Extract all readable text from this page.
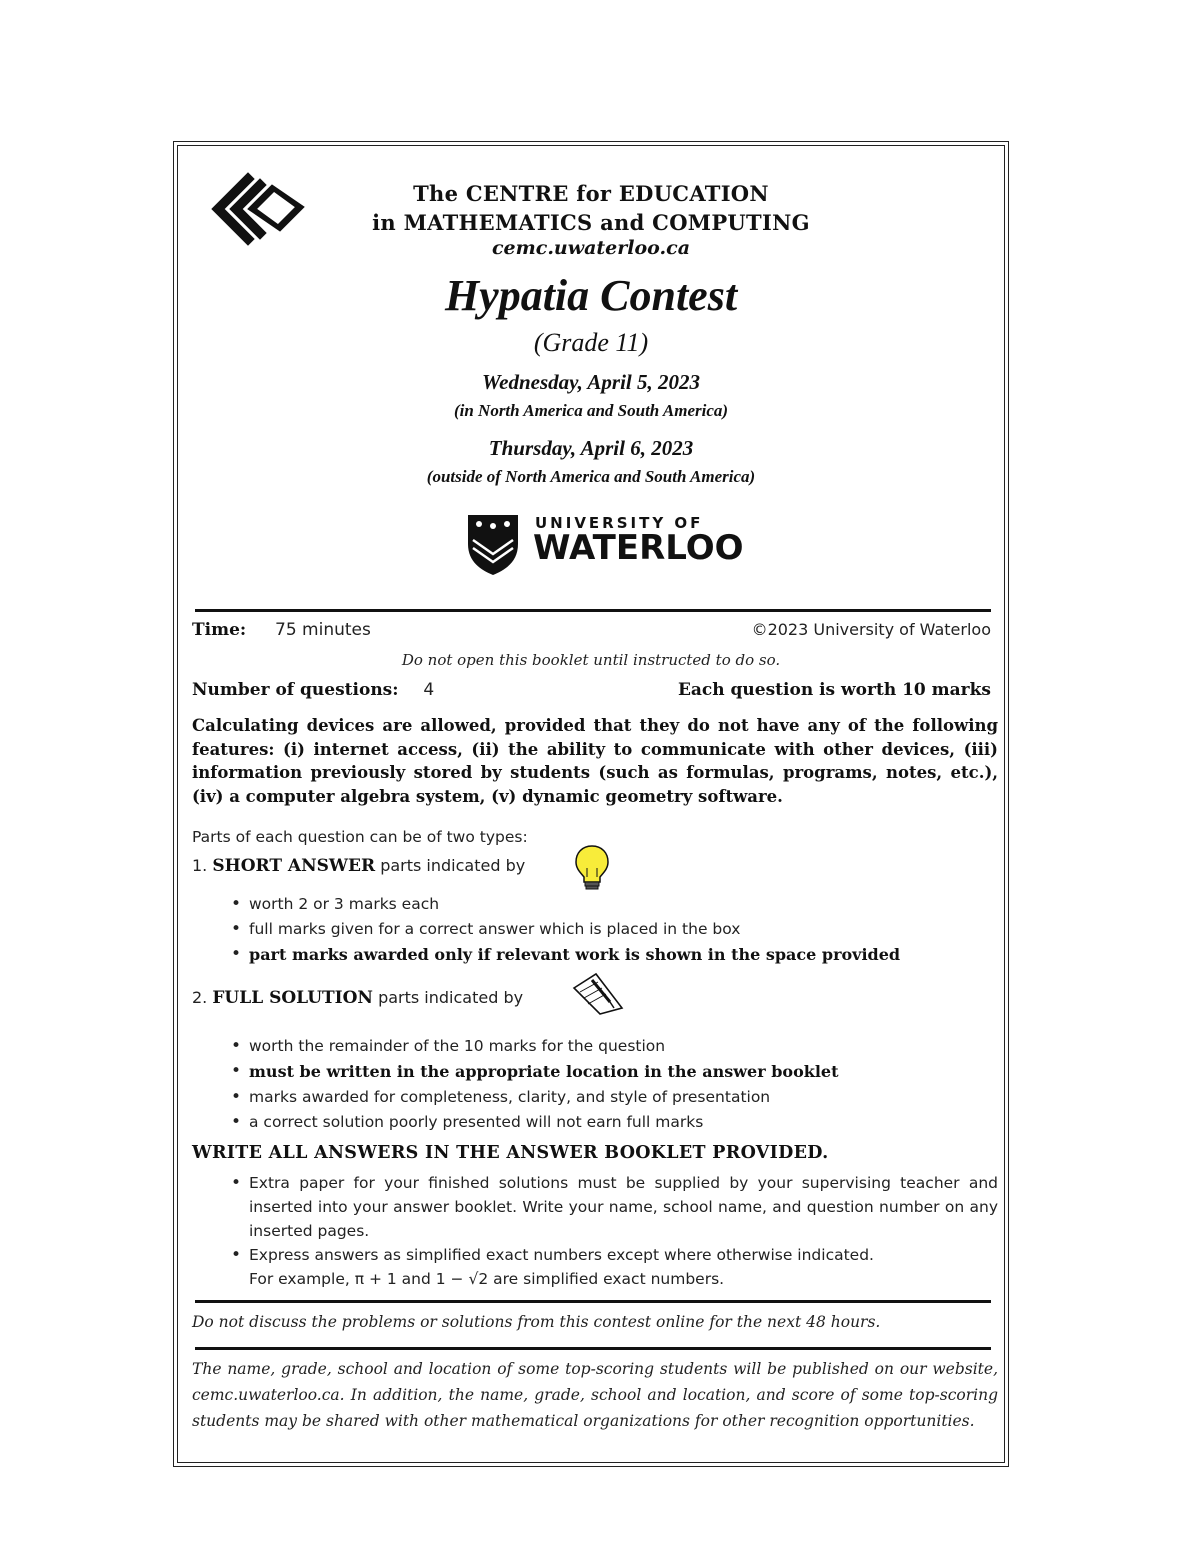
The CENTRE for EDUCATION
in MATHEMATICS and COMPUTING
cemc.uwaterloo.ca
Hypatia Contest
(Grade 11)
Wednesday, April 5, 2023
(in North America and South America)
Thursday, April 6, 2023
(outside of North America and South America)
UNIVERSITY OF
WATERLOO
Time: 75 minutes	©2023 University of Waterloo
Do not open this booklet until instructed to do so.
Number of questions: 4	Each question is worth 10 marks
Calculating devices are allowed, provided that they do not have any of the following features: (i) internet access, (ii) the ability to communicate with other devices, (iii) information previously stored by students (such as formulas, programs, notes, etc.), (iv) a computer algebra system, (v) dynamic geometry software.
Parts of each question can be of two types:
1. SHORT ANSWER parts indicated by
• worth 2 or 3 marks each
• full marks given for a correct answer which is placed in the box
• part marks awarded only if relevant work is shown in the space provided
2. FULL SOLUTION parts indicated by
• worth the remainder of the 10 marks for the question
• must be written in the appropriate location in the answer booklet
• marks awarded for completeness, clarity, and style of presentation
• a correct solution poorly presented will not earn full marks
WRITE ALL ANSWERS IN THE ANSWER BOOKLET PROVIDED.
• Extra paper for your finished solutions must be supplied by your supervising teacher and inserted into your answer booklet. Write your name, school name, and question number on any inserted pages.
• Express answers as simplified exact numbers except where otherwise indicated.
For example, π + 1 and 1 − √2 are simplified exact numbers.
Do not discuss the problems or solutions from this contest online for the next 48 hours.
The name, grade, school and location of some top-scoring students will be published on our website, cemc.uwaterloo.ca. In addition, the name, grade, school and location, and score of some top-scoring students may be shared with other mathematical organizations for other recognition opportunities.
